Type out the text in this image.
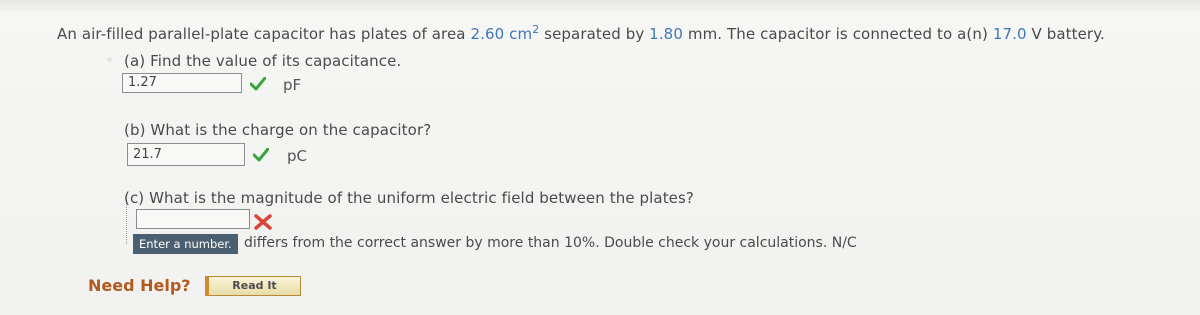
An air-filled parallel-plate capacitor has plates of area 2.60 $cm^2$ separated by 1.80 mm. The capacitor is connected to a(n) 17.0 V battery.
◦ (a) Find the value of its capacitance.
1.27	pF
(b) What is the charge on the capacitor?
21.7	pC
(c) What is the magnitude of the uniform electric field between the plates?
Enter a number. differs from the correct answer by more than 10%. Double check your calculations. N/C
Need Help?	Read It
